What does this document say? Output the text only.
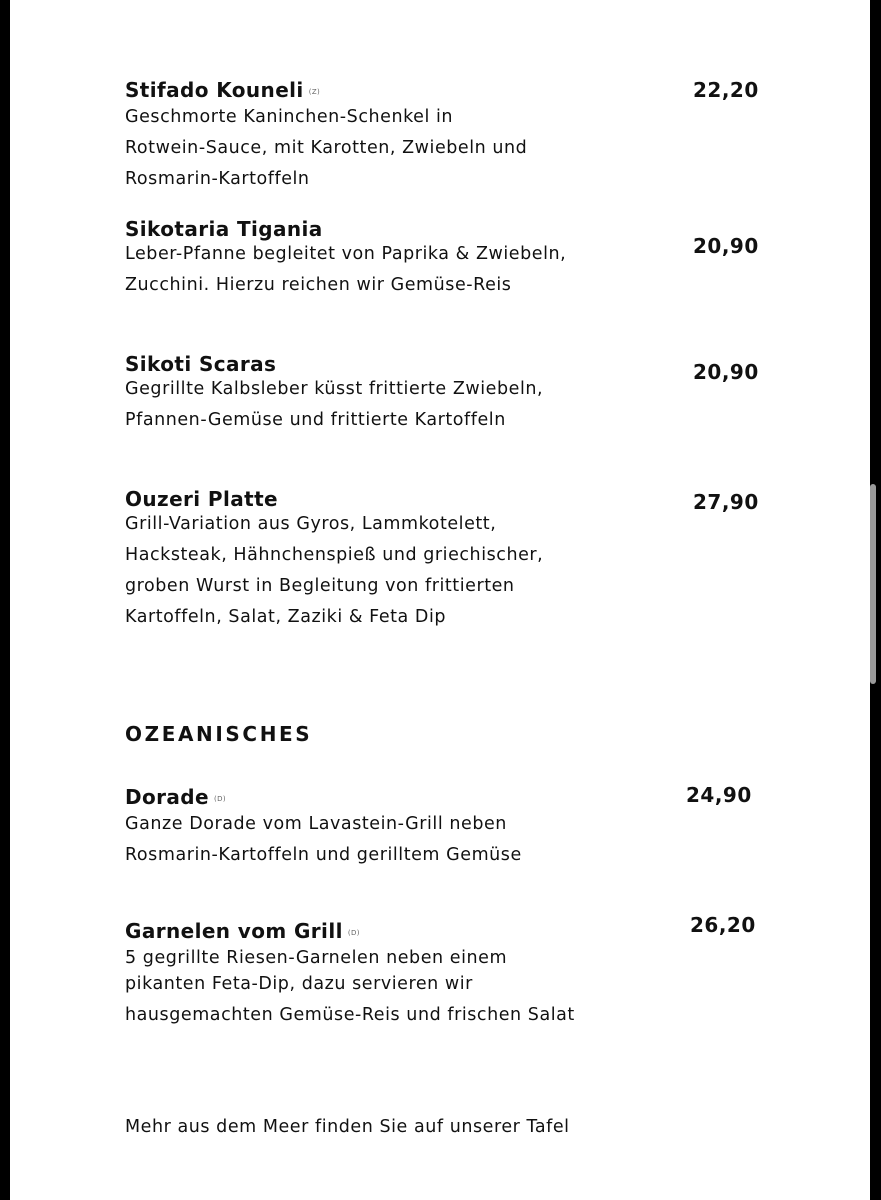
Stifado Kouneli (Z)

Geschmorte Kaninchen-Schenkel in
Rotwein-Sauce, mit Karotten, Zwiebeln und
Rosmarin-Kartoffeln
22,20

Sikotaria Tigania

Leber-Pfanne begleitet von Paprika & Zwiebeln,
Zucchini. Hierzu reichen wir Gemüse-Reis
20,90

Sikoti Scaras

Gegrillte Kalbsleber küsst frittierte Zwiebeln,
Pfannen-Gemüse und frittierte Kartoffeln
20,90

Ouzeri Platte

Grill-Variation aus Gyros, Lammkotelett,
Hacksteak, Hähnchenspieß und griechischer,
groben Wurst in Begleitung von frittierten
Kartoffeln, Salat, Zaziki & Feta Dip
27,90
OZEANISCHES

Dorade (D)

Ganze Dorade vom Lavastein-Grill neben
Rosmarin-Kartoffeln und gerilltem Gemüse
24,90

Garnelen vom Grill (D)

5 gegrillte Riesen-Garnelen neben einem
pikanten Feta-Dip, dazu servieren wir
hausgemachten Gemüse-Reis und frischen Salat
26,20
Mehr aus dem Meer finden Sie auf unserer Tafel
